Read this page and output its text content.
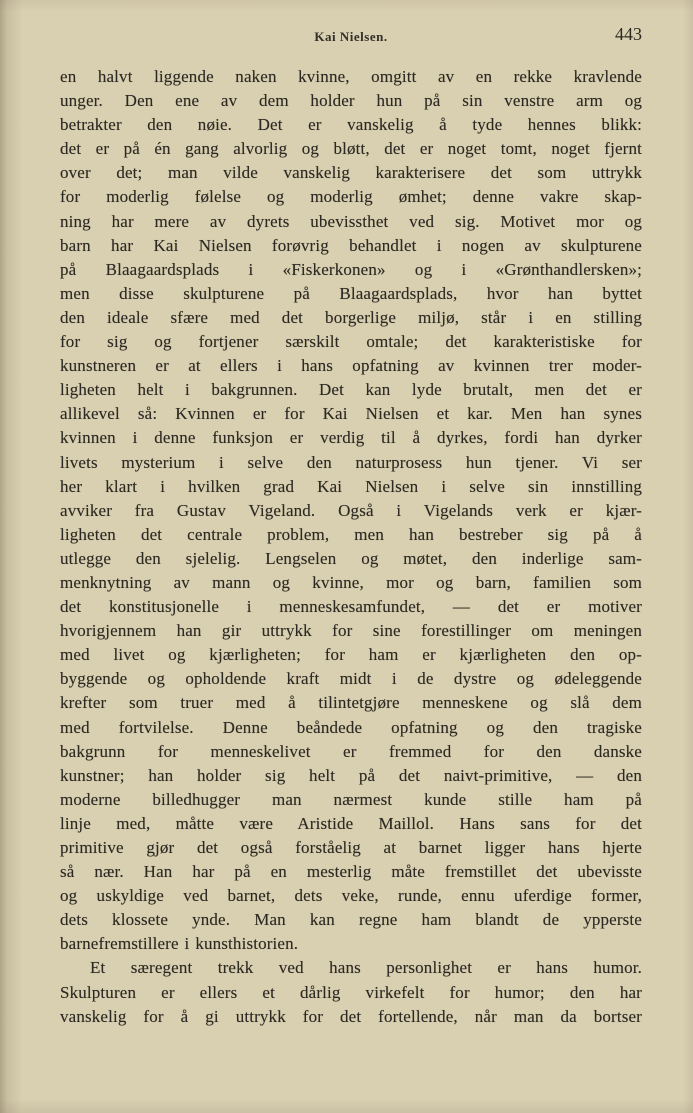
Kai Nielsen.	443
en halvt liggende naken kvinne, omgitt av en rekke kravlende
unger. Den ene av dem holder hun på sin venstre arm og
betrakter den nøie. Det er vanskelig å tyde hennes blikk:
det er på én gang alvorlig og bløtt, det er noget tomt, noget fjernt
over det; man vilde vanskelig karakterisere det som uttrykk
for moderlig følelse og moderlig ømhet; denne vakre skap-
ning har mere av dyrets ubevissthet ved sig. Motivet mor og
barn har Kai Nielsen forøvrig behandlet i nogen av skulpturene
på Blaagaardsplads i «Fiskerkonen» og i «Grønthandlersken»;
men disse skulpturene på Blaagaardsplads, hvor han byttet
den ideale sfære med det borgerlige miljø, står i en stilling
for sig og fortjener særskilt omtale; det karakteristiske for
kunstneren er at ellers i hans opfatning av kvinnen trer moder-
ligheten helt i bakgrunnen. Det kan lyde brutalt, men det er
allikevel så: Kvinnen er for Kai Nielsen et kar. Men han synes
kvinnen i denne funksjon er verdig til å dyrkes, fordi han dyrker
livets mysterium i selve den naturprosess hun tjener. Vi ser
her klart i hvilken grad Kai Nielsen i selve sin innstilling
avviker fra Gustav Vigeland. Også i Vigelands verk er kjær-
ligheten det centrale problem, men han bestreber sig på å
utlegge den sjelelig. Lengselen og møtet, den inderlige sam-
menknytning av mann og kvinne, mor og barn, familien som
det konstitusjonelle i menneskesamfundet, — det er motiver
hvorigjennem han gir uttrykk for sine forestillinger om meningen
med livet og kjærligheten; for ham er kjærligheten den op-
byggende og opholdende kraft midt i de dystre og ødeleggende
krefter som truer med å tilintetgjøre menneskene og slå dem
med fortvilelse. Denne beåndede opfatning og den tragiske
bakgrunn for menneskelivet er fremmed for den danske
kunstner; han holder sig helt på det naivt-primitive, — den
moderne billedhugger man nærmest kunde stille ham på
linje med, måtte være Aristide Maillol. Hans sans for det
primitive gjør det også forståelig at barnet ligger hans hjerte
så nær. Han har på en mesterlig måte fremstillet det ubevisste
og uskyldige ved barnet, dets veke, runde, ennu uferdige former,
dets klossete ynde. Man kan regne ham blandt de ypperste
barnefremstillere i kunsthistorien.
Et særegent trekk ved hans personlighet er hans humor.
Skulpturen er ellers et dårlig virkefelt for humor; den har
vanskelig for å gi uttrykk for det fortellende, når man da bortser
